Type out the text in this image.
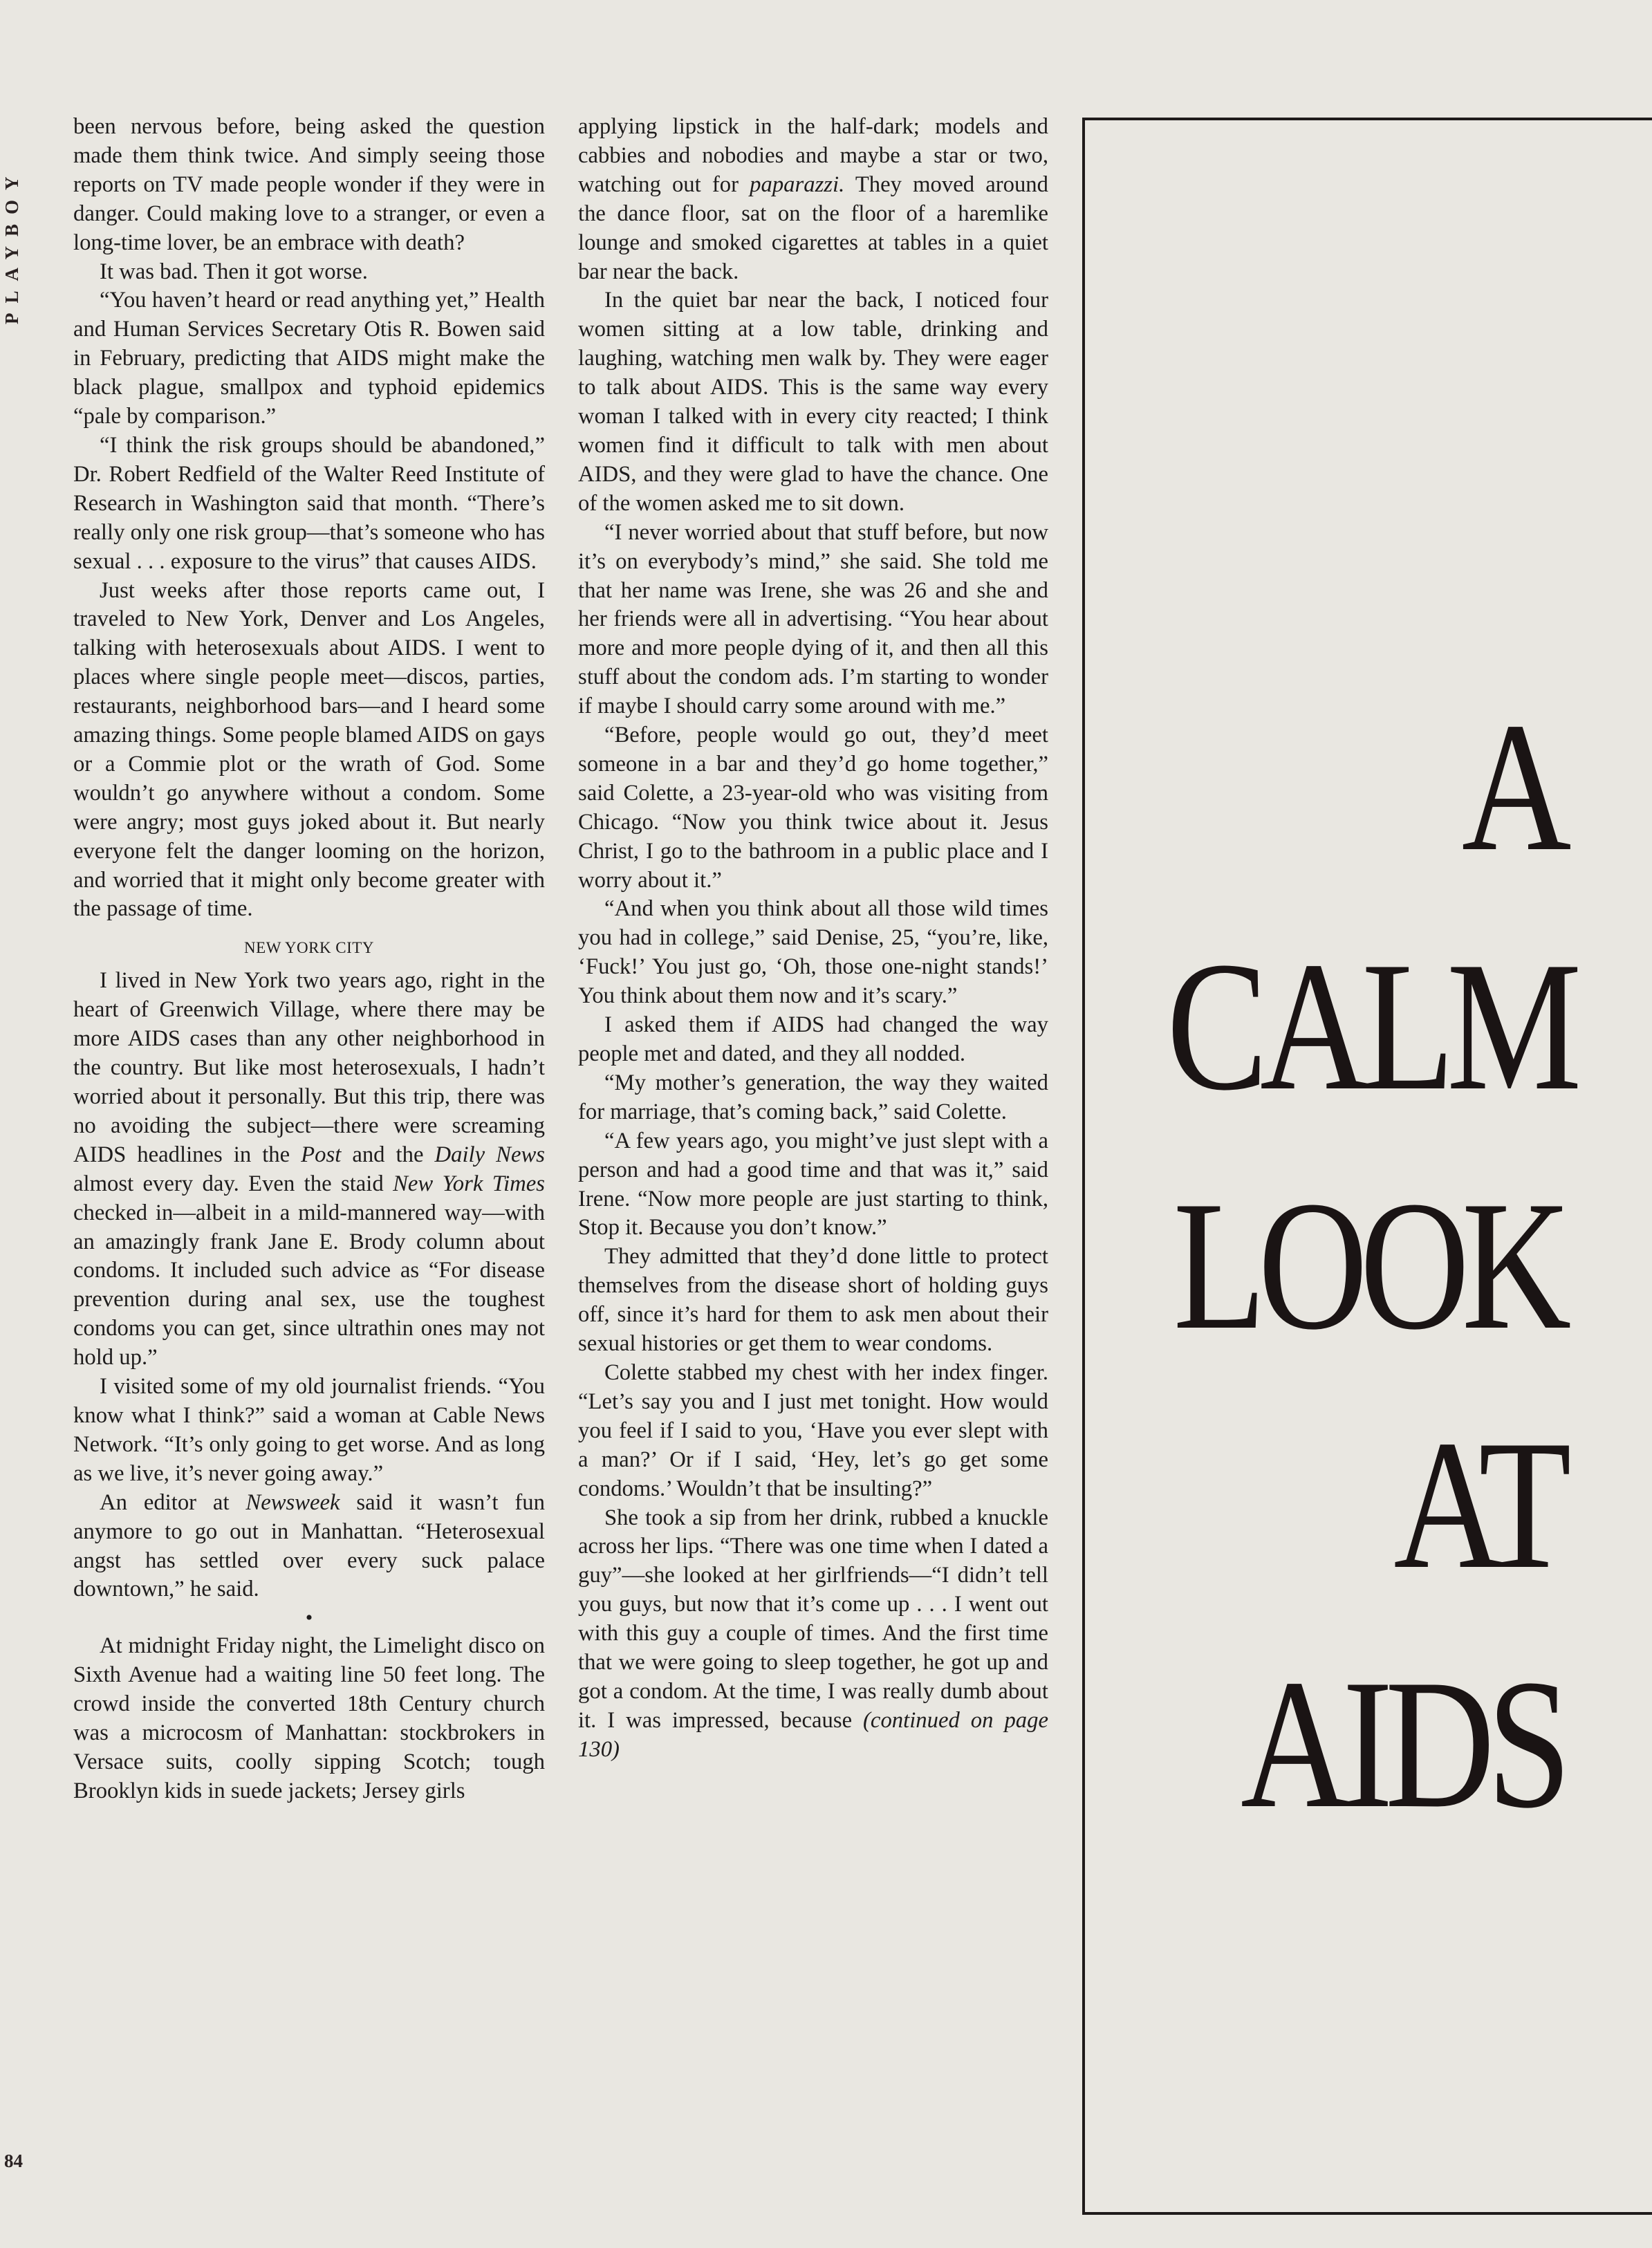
PLAYBOY
84

been nervous before, being asked the question made them think twice. And simply seeing those reports on TV made people wonder if they were in danger. Could making love to a stranger, or even a long-time lover, be an embrace with death?

It was bad. Then it got worse.

“You haven’t heard or read anything yet,” Health and Human Services Secretary Otis R. Bowen said in February, predicting that AIDS might make the black plague, smallpox and typhoid epidemics “pale by comparison.”

“I think the risk groups should be abandoned,” Dr. Robert Redfield of the Walter Reed Institute of Research in Washington said that month. “There’s really only one risk group—that’s someone who has sexual . . . exposure to the virus” that causes AIDS.

Just weeks after those reports came out, I traveled to New York, Denver and Los Angeles, talking with heterosexuals about AIDS. I went to places where single people meet—discos, parties, restaurants, neighborhood bars—and I heard some amazing things. Some people blamed AIDS on gays or a Commie plot or the wrath of God. Some wouldn’t go anywhere without a condom. Some were angry; most guys joked about it. But nearly everyone felt the danger looming on the horizon, and worried that it might only become greater with the passage of time.

NEW YORK CITY

I lived in New York two years ago, right in the heart of Greenwich Village, where there may be more AIDS cases than any other neighborhood in the country. But like most heterosexuals, I hadn’t worried about it personally. But this trip, there was no avoiding the subject—there were screaming AIDS headlines in the Post and the Daily News almost every day. Even the staid New York Times checked in—albeit in a mild-mannered way—with an amazingly frank Jane E. Brody column about condoms. It included such advice as “For disease prevention during anal sex, use the toughest condoms you can get, since ultrathin ones may not hold up.”

I visited some of my old journalist friends. “You know what I think?” said a woman at Cable News Network. “It’s only going to get worse. And as long as we live, it’s never going away.”

An editor at Newsweek said it wasn’t fun anymore to go out in Manhattan. “Heterosexual angst has settled over every suck palace downtown,” he said.

•

At midnight Friday night, the Limelight disco on Sixth Avenue had a waiting line 50 feet long. The crowd inside the converted 18th Century church was a microcosm of Manhattan: stockbrokers in Versace suits, coolly sipping Scotch; tough Brooklyn kids in suede jackets; Jersey girls

applying lipstick in the half-dark; models and cabbies and nobodies and maybe a star or two, watching out for paparazzi. They moved around the dance floor, sat on the floor of a haremlike lounge and smoked cigarettes at tables in a quiet bar near the back.

In the quiet bar near the back, I noticed four women sitting at a low table, drinking and laughing, watching men walk by. They were eager to talk about AIDS. This is the same way every woman I talked with in every city reacted; I think women find it difficult to talk with men about AIDS, and they were glad to have the chance. One of the women asked me to sit down.

“I never worried about that stuff before, but now it’s on everybody’s mind,” she said. She told me that her name was Irene, she was 26 and she and her friends were all in advertising. “You hear about more and more people dying of it, and then all this stuff about the condom ads. I’m starting to wonder if maybe I should carry some around with me.”

“Before, people would go out, they’d meet someone in a bar and they’d go home together,” said Colette, a 23-year-old who was visiting from Chicago. “Now you think twice about it. Jesus Christ, I go to the bathroom in a public place and I worry about it.”

“And when you think about all those wild times you had in college,” said Denise, 25, “you’re, like, ‘Fuck!’ You just go, ‘Oh, those one-night stands!’ You think about them now and it’s scary.”

I asked them if AIDS had changed the way people met and dated, and they all nodded.

“My mother’s generation, the way they waited for marriage, that’s coming back,” said Colette.

“A few years ago, you might’ve just slept with a person and had a good time and that was it,” said Irene. “Now more people are just starting to think, Stop it. Because you don’t know.”

They admitted that they’d done little to protect themselves from the disease short of holding guys off, since it’s hard for them to ask men about their sexual histories or get them to wear condoms.

Colette stabbed my chest with her index finger. “Let’s say you and I just met tonight. How would you feel if I said to you, ‘Have you ever slept with a man?’ Or if I said, ‘Hey, let’s go get some condoms.’ Wouldn’t that be insulting?”

She took a sip from her drink, rubbed a knuckle across her lips. “There was one time when I dated a guy”—she looked at her girlfriends—“I didn’t tell you guys, but now that it’s come up . . . I went out with this guy a couple of times. And the first time that we were going to sleep together, he got up and got a condom. At the time, I was really dumb about it. I was impressed, because (continued on page 130)

A
CALM
LOOK
AT
AIDS
